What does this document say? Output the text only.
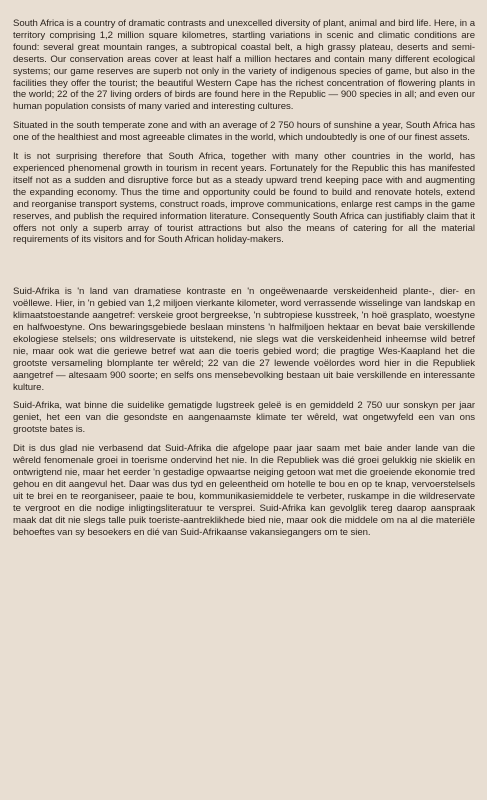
South Africa is a country of dramatic contrasts and unexcelled diversity of plant, animal and bird life. Here, in a territory comprising 1,2 million square kilometres, startling variations in scenic and climatic conditions are found: several great mountain ranges, a subtropical coastal belt, a high grassy plateau, deserts and semi-deserts. Our conservation areas cover at least half a million hectares and contain many different ecological systems; our game reserves are superb not only in the variety of indigenous species of game, but also in the facilities they offer the tourist; the beautiful Western Cape has the richest concentration of flowering plants in the world; 22 of the 27 living orders of birds are found here in the Republic — 900 species in all; and even our human population consists of many varied and interesting cultures.

Situated in the south temperate zone and with an average of 2 750 hours of sunshine a year, South Africa has one of the healthiest and most agreeable climates in the world, which undoubtedly is one of our finest assets.

It is not surprising therefore that South Africa, together with many other countries in the world, has experienced phenomenal growth in tourism in recent years. Fortunately for the Republic this has manifested itself not as a sudden and disruptive force but as a steady upward trend keeping pace with and augmenting the expanding economy. Thus the time and opportunity could be found to build and renovate hotels, extend and reorganise transport systems, construct roads, improve communications, enlarge rest camps in the game reserves, and publish the required information literature. Consequently South Africa can justifiably claim that it offers not only a superb array of tourist attractions but also the means of catering for all the material requirements of its visitors and for South African holiday-makers.

Suid-Afrika is 'n land van dramatiese kontraste en 'n ongeëwenaarde verskeidenheid plante-, dier- en voëllewe. Hier, in 'n gebied van 1,2 miljoen vierkante kilometer, word verrassende wisselinge van landskap en klimaatstoestande aangetref: verskeie groot bergreekse, 'n subtropiese kusstreek, 'n hoë grasplato, woestyne en halfwoestyne. Ons bewaringsgebiede beslaan minstens 'n halfmiljoen hektaar en bevat baie verskillende ekologiese stelsels; ons wildreservate is uitstekend, nie slegs wat die verskeidenheid inheemse wild betref nie, maar ook wat die geriewe betref wat aan die toeris gebied word; die pragtige Wes-Kaapland het die grootste versameling blomplante ter wêreld; 22 van die 27 lewende voëlordes word hier in die Republiek aangetref — altesaam 900 soorte; en selfs ons mensebevolking bestaan uit baie verskillende en interessante kulture.

Suid-Afrika, wat binne die suidelike gematigde lugstreek geleë is en gemiddeld 2 750 uur sonskyn per jaar geniet, het een van die gesondste en aangenaamste klimate ter wêreld, wat ongetwyfeld een van ons grootste bates is.

Dit is dus glad nie verbasend dat Suid-Afrika die afgelope paar jaar saam met baie ander lande van die wêreld fenomenale groei in toerisme ondervind het nie. In die Republiek was dié groei gelukkig nie skielik en ontwrigtend nie, maar het eerder 'n gestadige opwaartse neiging getoon wat met die groeiende ekonomie tred gehou en dit aangevul het. Daar was dus tyd en geleentheid om hotelle te bou en op te knap, vervoerstelsels uit te brei en te reorganiseer, paaie te bou, kommunikasiemiddele te verbeter, ruskampe in die wildreservate te vergroot en die nodige inligtingsliteratuur te versprei. Suid-Afrika kan gevolglik tereg daarop aanspraak maak dat dit nie slegs talle puik toeriste-aantreklikhede bied nie, maar ook die middele om na al die materiële behoeftes van sy besoekers en dié van Suid-Afrikaanse vakansiegangers om te sien.
